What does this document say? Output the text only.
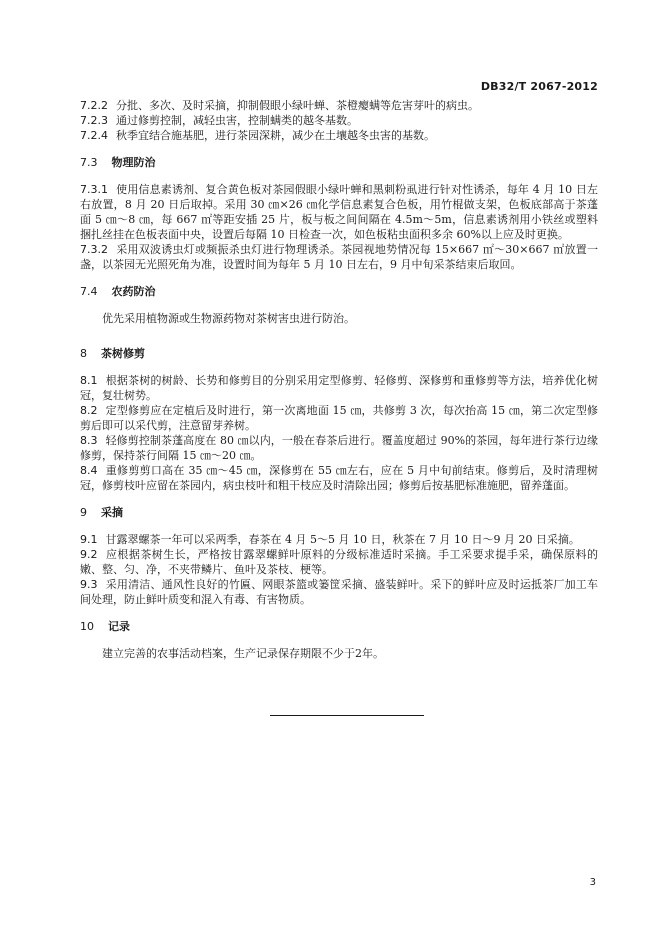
DB32/T 2067-2012

7.2.2 分批、多次、及时采摘，抑制假眼小绿叶蝉、茶橙瘿螨等危害芽叶的病虫。

7.2.3 通过修剪控制，减轻虫害，控制螨类的越冬基数。

7.2.4 秋季宜结合施基肥，进行茶园深耕，减少在土壤越冬虫害的基数。

7.3 物理防治

7.3.1 使用信息素诱剂、复合黄色板对茶园假眼小绿叶蝉和黑刺粉虱进行针对性诱杀，每年 4 月 10 日左右放置，8 月 20 日后取掉。采用 30 ㎝×26 ㎝化学信息素复合色板，用竹棍做支架，色板底部高于茶蓬面 5 ㎝～8 ㎝，每 667 ㎡等距安插 25 片，板与板之间间隔在 4.5m～5m，信息素诱剂用小铁丝或塑料捆扎丝挂在色板表面中央，设置后每隔 10 日检查一次，如色板粘虫面积多余 60%以上应及时更换。

7.3.2 采用双波诱虫灯或频振杀虫灯进行物理诱杀。茶园视地势情况每 15×667 ㎡～30×667 ㎡放置一盏，以茶园无光照死角为准，设置时间为每年 5 月 10 日左右，9 月中旬采茶结束后取回。

7.4 农药防治

优先采用植物源或生物源药物对茶树害虫进行防治。

8 茶树修剪

8.1 根据茶树的树龄、长势和修剪目的分别采用定型修剪、轻修剪、深修剪和重修剪等方法，培养优化树冠，复壮树势。

8.2 定型修剪应在定植后及时进行，第一次离地面 15 ㎝，共修剪 3 次，每次抬高 15 ㎝，第二次定型修剪后即可以采代剪，注意留芽养树。

8.3 轻修剪控制茶蓬高度在 80 ㎝以内，一般在春茶后进行。覆盖度超过 90%的茶园，每年进行茶行边缘修剪，保持茶行间隔 15 ㎝～20 ㎝。

8.4 重修剪剪口高在 35 ㎝～45 ㎝，深修剪在 55 ㎝左右，应在 5 月中旬前结束。修剪后，及时清理树冠，修剪枝叶应留在茶园内，病虫枝叶和粗干枝应及时清除出园；修剪后按基肥标准施肥，留养蓬面。

9 采摘

9.1 甘露翠螺茶一年可以采两季，春茶在 4 月 5～5 月 10 日，秋茶在 7 月 10 日～9 月 20 日采摘。

9.2 应根据茶树生长，严格按甘露翠螺鲜叶原料的分级标准适时采摘。手工采要求提手采，确保原料的嫩、整、匀、净，不夹带鳞片、鱼叶及茶枝、梗等。

9.3 采用清洁、通风性良好的竹匾、网眼茶篮或篓筐采摘、盛装鲜叶。采下的鲜叶应及时运抵茶厂加工车间处理，防止鲜叶质变和混入有毒、有害物质。

10 记录

建立完善的农事活动档案，生产记录保存期限不少于2年。

3
